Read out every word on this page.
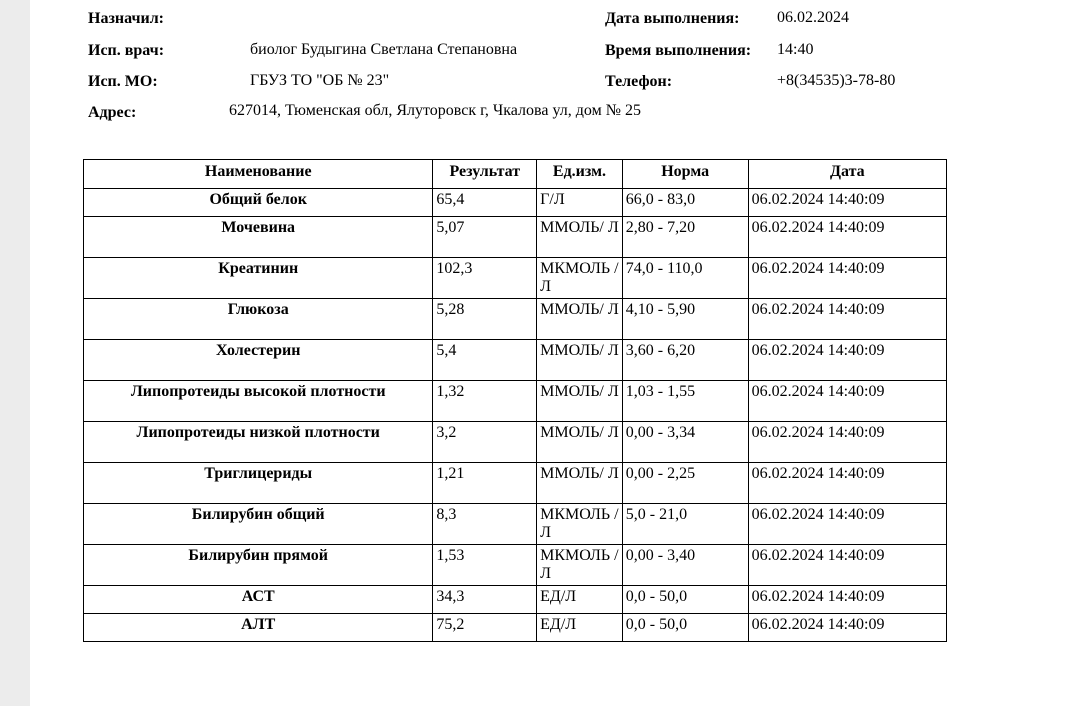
Назначил:
Исп. врач:	биолог Будыгина Светлана Степановна
Исп. МО:	ГБУЗ ТО "ОБ № 23"
Адрес:	627014, Тюменская обл, Ялуторовск г, Чкалова ул, дом № 25
Дата выполнения: 06.02.2024
Время выполнения: 14:40
Телефон:	+8(34535)3-78-80
Наименование	Результат	Ед.изм.	Норма	Дата
Общий белок	65,4	Г/Л	66,0 - 83,0	06.02.2024 14:40:09
Мочевина	5,07	ММОЛЬ/ Л	2,80 - 7,20	06.02.2024 14:40:09
Креатинин	102,3	МКМОЛЬ /Л	74,0 - 110,0	06.02.2024 14:40:09
Глюкоза	5,28	ММОЛЬ/ Л	4,10 - 5,90	06.02.2024 14:40:09
Холестерин	5,4	ММОЛЬ/ Л	3,60 - 6,20	06.02.2024 14:40:09
Липопротеиды высокой плотности	1,32	ММОЛЬ/ Л	1,03 - 1,55	06.02.2024 14:40:09
Липопротеиды низкой плотности	3,2	ММОЛЬ/ Л	0,00 - 3,34	06.02.2024 14:40:09
Триглицериды	1,21	ММОЛЬ/ Л	0,00 - 2,25	06.02.2024 14:40:09
Билирубин общий	8,3	МКМОЛЬ /Л	5,0 - 21,0	06.02.2024 14:40:09
Билирубин прямой	1,53	МКМОЛЬ /Л	0,00 - 3,40	06.02.2024 14:40:09
АСТ	34,3	ЕД/Л	0,0 - 50,0	06.02.2024 14:40:09
АЛТ	75,2	ЕД/Л	0,0 - 50,0	06.02.2024 14:40:09
